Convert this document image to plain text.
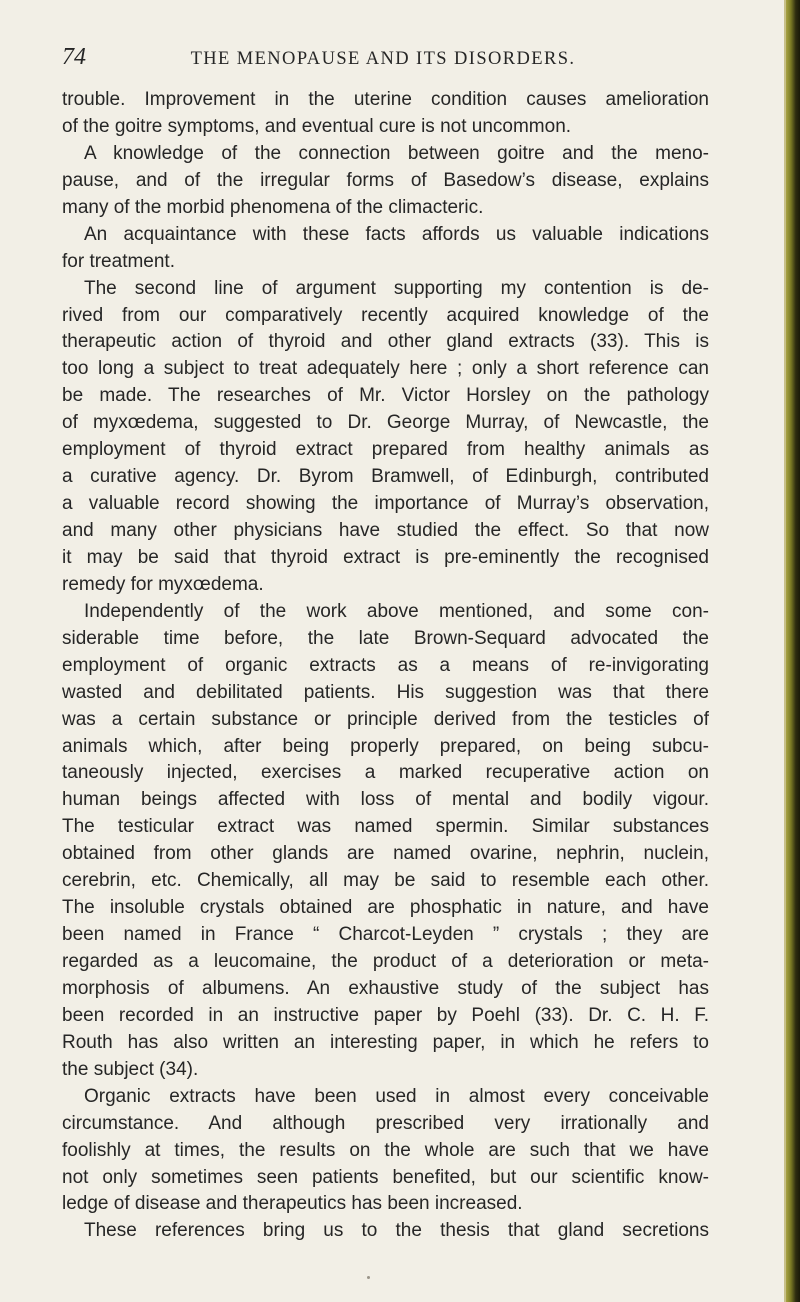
74	THE MENOPAUSE AND ITS DISORDERS.
trouble. Improvement in the uterine condition causes amelioration
of the goitre symptoms, and eventual cure is not uncommon.
A knowledge of the connection between goitre and the meno-
pause, and of the irregular forms of Basedow’s disease, explains
many of the morbid phenomena of the climacteric.
An acquaintance with these facts affords us valuable indications
for treatment.
The second line of argument supporting my contention is de-
rived from our comparatively recently acquired knowledge of the
therapeutic action of thyroid and other gland extracts (33). This is
too long a subject to treat adequately here ; only a short reference can
be made. The researches of Mr. Victor Horsley on the pathology
of myxœdema, suggested to Dr. George Murray, of Newcastle, the
employment of thyroid extract prepared from healthy animals as
a curative agency. Dr. Byrom Bramwell, of Edinburgh, contributed
a valuable record showing the importance of Murray’s observation,
and many other physicians have studied the effect. So that now
it may be said that thyroid extract is pre-eminently the recognised
remedy for myxœdema.
Independently of the work above mentioned, and some con-
siderable time before, the late Brown-Sequard advocated the
employment of organic extracts as a means of re-invigorating
wasted and debilitated patients. His suggestion was that there
was a certain substance or principle derived from the testicles of
animals which, after being properly prepared, on being subcu-
taneously injected, exercises a marked recuperative action on
human beings affected with loss of mental and bodily vigour.
The testicular extract was named spermin. Similar substances
obtained from other glands are named ovarine, nephrin, nuclein,
cerebrin, etc. Chemically, all may be said to resemble each other.
The insoluble crystals obtained are phosphatic in nature, and have
been named in France “ Charcot-Leyden ” crystals ; they are
regarded as a leucomaine, the product of a deterioration or meta-
morphosis of albumens. An exhaustive study of the subject has
been recorded in an instructive paper by Poehl (33). Dr. C. H. F.
Routh has also written an interesting paper, in which he refers to
the subject (34).
Organic extracts have been used in almost every conceivable
circumstance. And although prescribed very irrationally and
foolishly at times, the results on the whole are such that we have
not only sometimes seen patients benefited, but our scientific know-
ledge of disease and therapeutics has been increased.
These references bring us to the thesis that gland secretions
